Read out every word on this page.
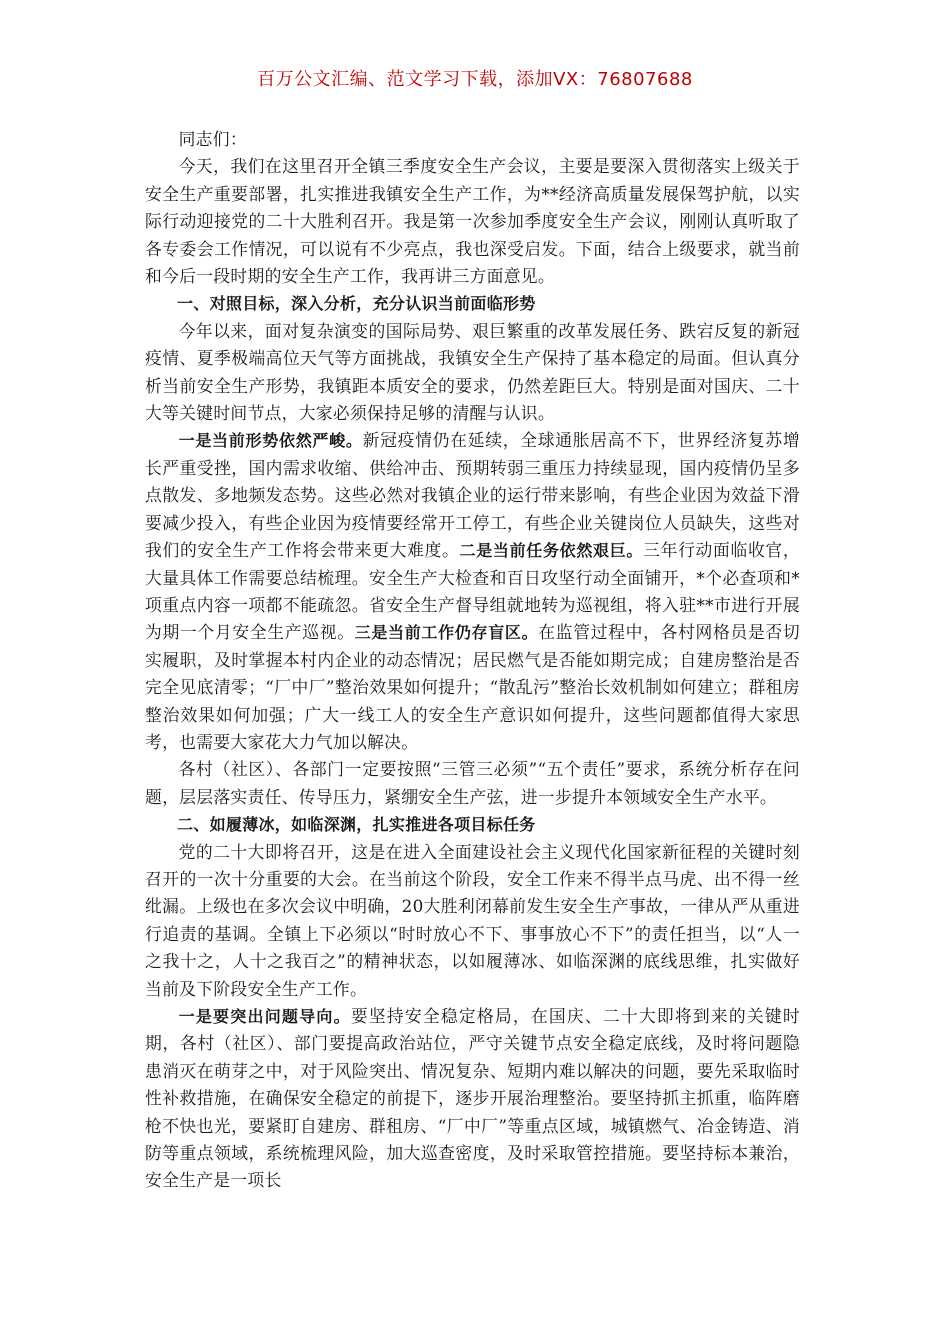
百万公文汇编、范文学习下载，添加VX：76807688

同志们：

今天，我们在这里召开全镇三季度安全生产会议，主要是要深入贯彻落实上级关于安全生产重要部署，扎实推进我镇安全生产工作，为**经济高质量发展保驾护航，以实际行动迎接党的二十大胜利召开。我是第一次参加季度安全生产会议，刚刚认真听取了各专委会工作情况，可以说有不少亮点，我也深受启发。下面，结合上级要求，就当前和今后一段时期的安全生产工作，我再讲三方面意见。

一、对照目标，深入分析，充分认识当前面临形势

今年以来，面对复杂演变的国际局势、艰巨繁重的改革发展任务、跌宕反复的新冠疫情、夏季极端高位天气等方面挑战，我镇安全生产保持了基本稳定的局面。但认真分析当前安全生产形势，我镇距本质安全的要求，仍然差距巨大。特别是面对国庆、二十大等关键时间节点，大家必须保持足够的清醒与认识。

一是当前形势依然严峻。新冠疫情仍在延续，全球通胀居高不下，世界经济复苏增长严重受挫，国内需求收缩、供给冲击、预期转弱三重压力持续显现，国内疫情仍呈多点散发、多地频发态势。这些必然对我镇企业的运行带来影响，有些企业因为效益下滑要减少投入，有些企业因为疫情要经常开工停工，有些企业关键岗位人员缺失，这些对我们的安全生产工作将会带来更大难度。二是当前任务依然艰巨。三年行动面临收官，大量具体工作需要总结梳理。安全生产大检查和百日攻坚行动全面铺开，*个必查项和*项重点内容一项都不能疏忽。省安全生产督导组就地转为巡视组，将入驻**市进行开展为期一个月安全生产巡视。三是当前工作仍存盲区。在监管过程中，各村网格员是否切实履职，及时掌握本村内企业的动态情况；居民燃气是否能如期完成；自建房整治是否完全见底清零；“厂中厂”整治效果如何提升；“散乱污”整治长效机制如何建立；群租房整治效果如何加强；广大一线工人的安全生产意识如何提升，这些问题都值得大家思考，也需要大家花大力气加以解决。

各村（社区）、各部门一定要按照“三管三必须”“五个责任”要求，系统分析存在问题，层层落实责任、传导压力，紧绷安全生产弦，进一步提升本领域安全生产水平。

二、如履薄冰，如临深渊，扎实推进各项目标任务

党的二十大即将召开，这是在进入全面建设社会主义现代化国家新征程的关键时刻召开的一次十分重要的大会。在当前这个阶段，安全工作来不得半点马虎、出不得一丝纰漏。上级也在多次会议中明确，20大胜利闭幕前发生安全生产事故，一律从严从重进行追责的基调。全镇上下必须以“时时放心不下、事事放心不下”的责任担当，以“人一之我十之，人十之我百之”的精神状态，以如履薄冰、如临深渊的底线思维，扎实做好当前及下阶段安全生产工作。

一是要突出问题导向。要坚持安全稳定格局，在国庆、二十大即将到来的关键时期，各村（社区）、部门要提高政治站位，严守关键节点安全稳定底线，及时将问题隐患消灭在萌芽之中，对于风险突出、情况复杂、短期内难以解决的问题，要先采取临时性补救措施，在确保安全稳定的前提下，逐步开展治理整治。要坚持抓主抓重，临阵磨枪不快也光，要紧盯自建房、群租房、“厂中厂”等重点区域，城镇燃气、冶金铸造、消防等重点领域，系统梳理风险，加大巡查密度，及时采取管控措施。要坚持标本兼治，安全生产是一项长
